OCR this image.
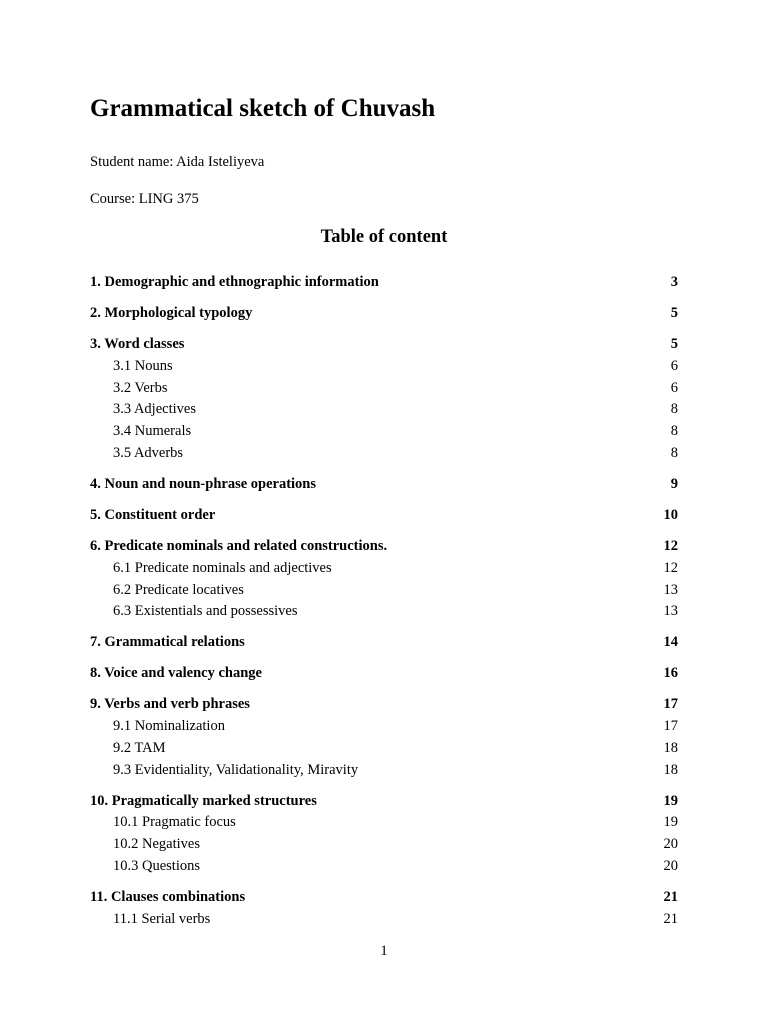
Grammatical sketch of Chuvash
Student name: Aida Isteliyeva
Course: LING 375
Table of content
1. Demographic and ethnographic information	3
2. Morphological typology	5
3. Word classes	5
3.1 Nouns	6
3.2 Verbs	6
3.3 Adjectives	8
3.4 Numerals	8
3.5 Adverbs	8
4. Noun and noun-phrase operations	9
5. Constituent order	10
6. Predicate nominals and related constructions.	12
6.1 Predicate nominals and adjectives	12
6.2 Predicate locatives	13
6.3 Existentials and possessives	13
7. Grammatical relations	14
8. Voice and valency change	16
9. Verbs and verb phrases	17
9.1 Nominalization	17
9.2 TAM	18
9.3 Evidentiality, Validationality, Miravity	18
10. Pragmatically marked structures	19
10.1 Pragmatic focus	19
10.2 Negatives	20
10.3 Questions	20
11. Clauses combinations	21
11.1 Serial verbs	21
1
